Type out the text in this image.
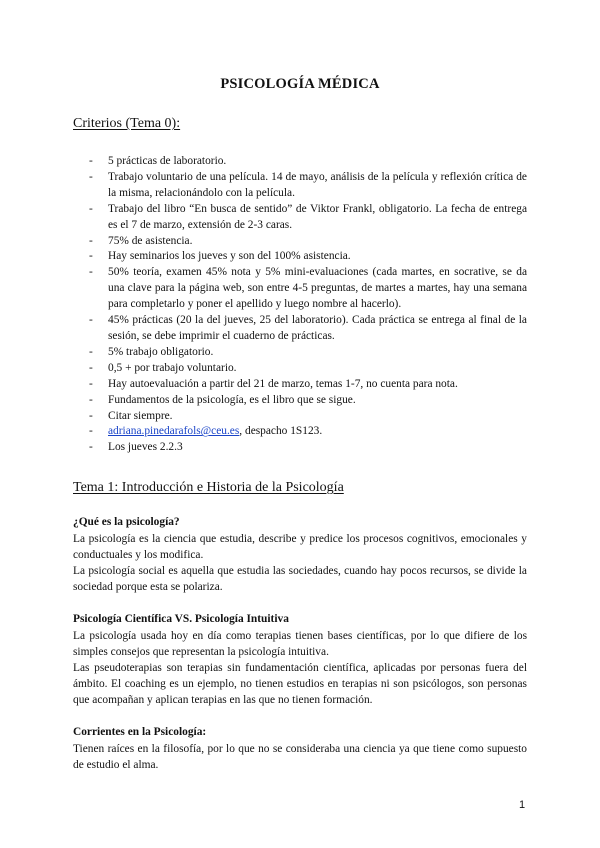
PSICOLOGÍA MÉDICA
Criterios (Tema 0):
- 5 prácticas de laboratorio.
- Trabajo voluntario de una película. 14 de mayo, análisis de la película y reflexión crítica de la misma, relacionándolo con la película.
- Trabajo del libro “En busca de sentido” de Viktor Frankl, obligatorio. La fecha de entrega es el 7 de marzo, extensión de 2-3 caras.
- 75% de asistencia.
- Hay seminarios los jueves y son del 100% asistencia.
- 50% teoría, examen 45% nota y 5% mini-evaluaciones (cada martes, en socrative, se da una clave para la página web, son entre 4-5 preguntas, de martes a martes, hay una semana para completarlo y poner el apellido y luego nombre al hacerlo).
- 45% prácticas (20 la del jueves, 25 del laboratorio). Cada práctica se entrega al final de la sesión, se debe imprimir el cuaderno de prácticas.
- 5% trabajo obligatorio.
- 0,5 + por trabajo voluntario.
- Hay autoevaluación a partir del 21 de marzo, temas 1-7, no cuenta para nota.
- Fundamentos de la psicología, es el libro que se sigue.
- Citar siempre.
- adriana.pinedarafols@ceu.es, despacho 1S123.
- Los jueves 2.2.3
Tema 1: Introducción e Historia de la Psicología
¿Qué es la psicología?

La psicología es la ciencia que estudia, describe y predice los procesos cognitivos, emocionales y conductuales y los modifica.

La psicología social es aquella que estudia las sociedades, cuando hay pocos recursos, se divide la sociedad porque esta se polariza.

Psicología Científica VS. Psicología Intuitiva

La psicología usada hoy en día como terapias tienen bases científicas, por lo que difiere de los simples consejos que representan la psicología intuitiva.

Las pseudoterapias son terapias sin fundamentación científica, aplicadas por personas fuera del ámbito. El coaching es un ejemplo, no tienen estudios en terapias ni son psicólogos, son personas que acompañan y aplican terapias en las que no tienen formación.

Corrientes en la Psicología:

Tienen raíces en la filosofía, por lo que no se consideraba una ciencia ya que tiene como supuesto de estudio el alma.

1
